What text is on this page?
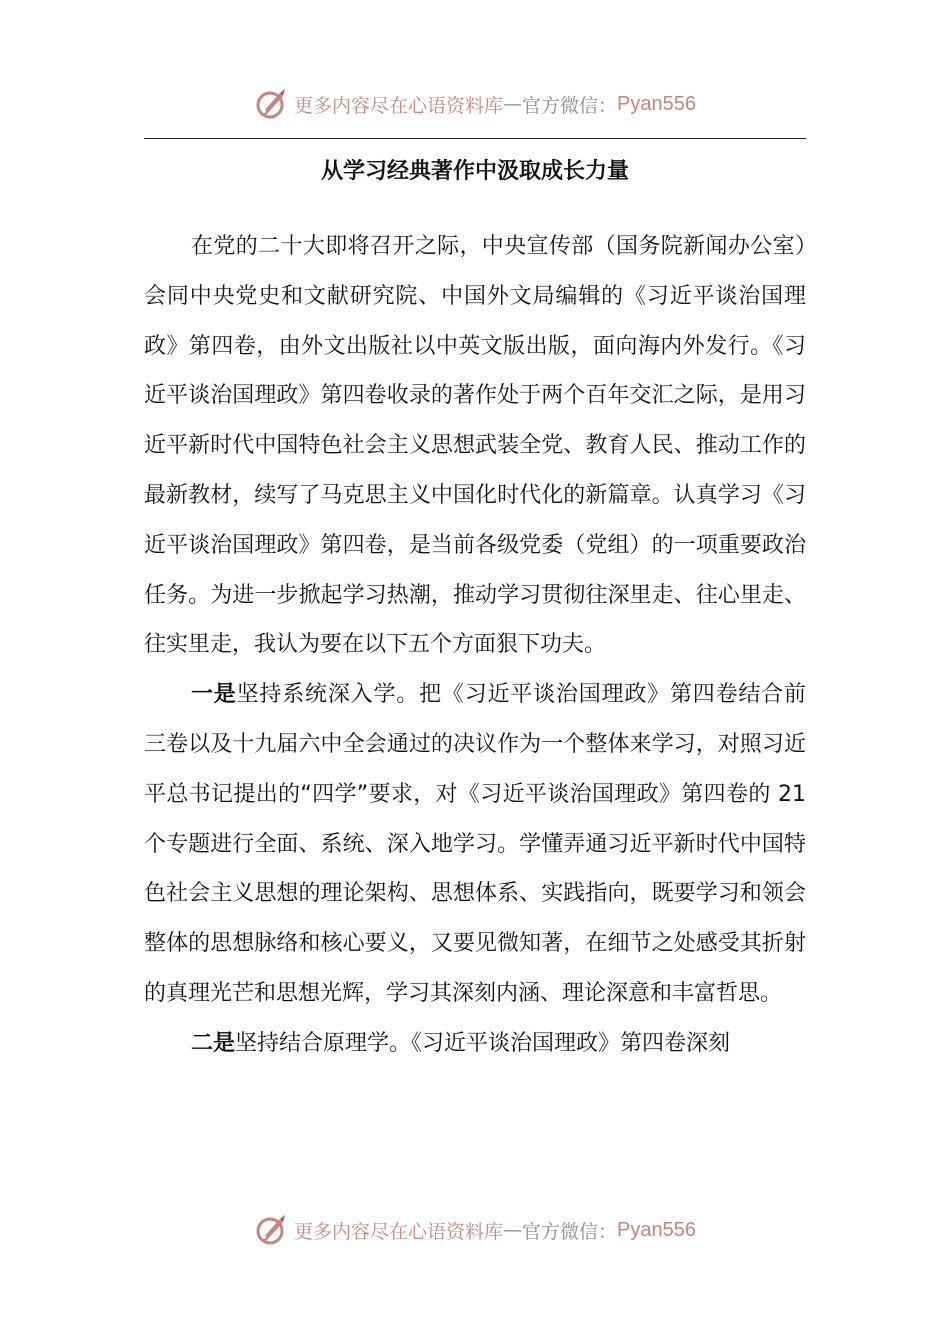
更多内容尽在心语资料库 — 官方微信： Pyan556
从学习经典著作中汲取成长力量

在党的二十大即将召开之际，中央宣传部（国务院新闻办公室）会同中央党史和文献研究院、中国外文局编辑的《习近平谈治国理政》第四卷，由外文出版社以中英文版出版，面向海内外发行。《习近平谈治国理政》第四卷收录的著作处于两个百年交汇之际，是用习近平新时代中国特色社会主义思想武装全党、教育人民、推动工作的最新教材，续写了马克思主义中国化时代化的新篇章。认真学习《习近平谈治国理政》第四卷，是当前各级党委（党组）的一项重要政治任务。为进一步掀起学习热潮，推动学习贯彻往深里走、往心里走、往实里走，我认为要在以下五个方面狠下功夫。

一是坚持系统深入学。把《习近平谈治国理政》第四卷结合前三卷以及十九届六中全会通过的决议作为一个整体来学习，对照习近平总书记提出的“四学”要求，对《习近平谈治国理政》第四卷的 21 个专题进行全面、系统、深入地学习。学懂弄通习近平新时代中国特色社会主义思想的理论架构、思想体系、实践指向，既要学习和领会整体的思想脉络和核心要义，又要见微知著，在细节之处感受其折射的真理光芒和思想光辉，学习其深刻内涵、理论深意和丰富哲思。

二是坚持结合原理学。《习近平谈治国理政》第四卷深刻

更多内容尽在心语资料库 — 官方微信： Pyan556
